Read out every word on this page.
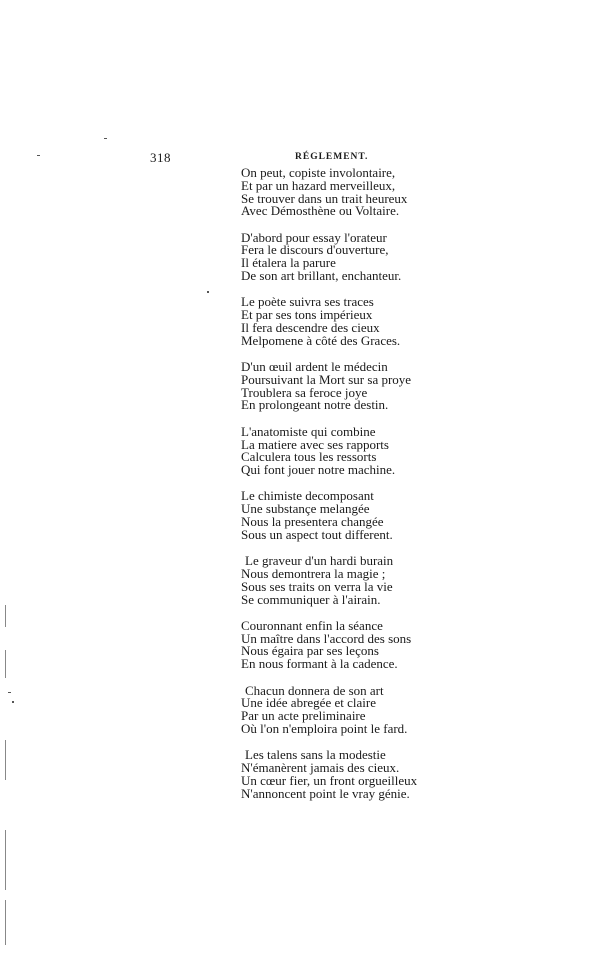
318	RÉGLEMENT.
On peut, copiste involontaire,
Et par un hazard merveilleux,
Se trouver dans un trait heureux
Avec Démosthène ou Voltaire.
D'abord pour essay l'orateur
Fera le discours d'ouverture,
Il étalera la parure
De son art brillant, enchanteur.
Le poète suivra ses traces
Et par ses tons impérieux
Il fera descendre des cieux
Melpomene à côté des Graces.
D'un œuil ardent le médecin
Poursuivant la Mort sur sa proye
Troublera sa feroce joye
En prolongeant notre destin.
L'anatomiste qui combine
La matiere avec ses rapports
Calculera tous les ressorts
Qui font jouer notre machine.
Le chimiste decomposant
Une substançe melangée
Nous la presentera changée
Sous un aspect tout different.
Le graveur d'un hardi burain
Nous demontrera la magie ;
Sous ses traits on verra la vie
Se communiquer à l'airain.
Couronnant enfin la séance
Un maître dans l'accord des sons
Nous égaira par ses leçons
En nous formant à la cadence.
Chacun donnera de son art
Une idée abregée et claire
Par un acte preliminaire
Où l'on n'emploira point le fard.
Les talens sans la modestie
N'émanèrent jamais des cieux.
Un cœur fier, un front orgueilleux
N'annoncent point le vray génie.
